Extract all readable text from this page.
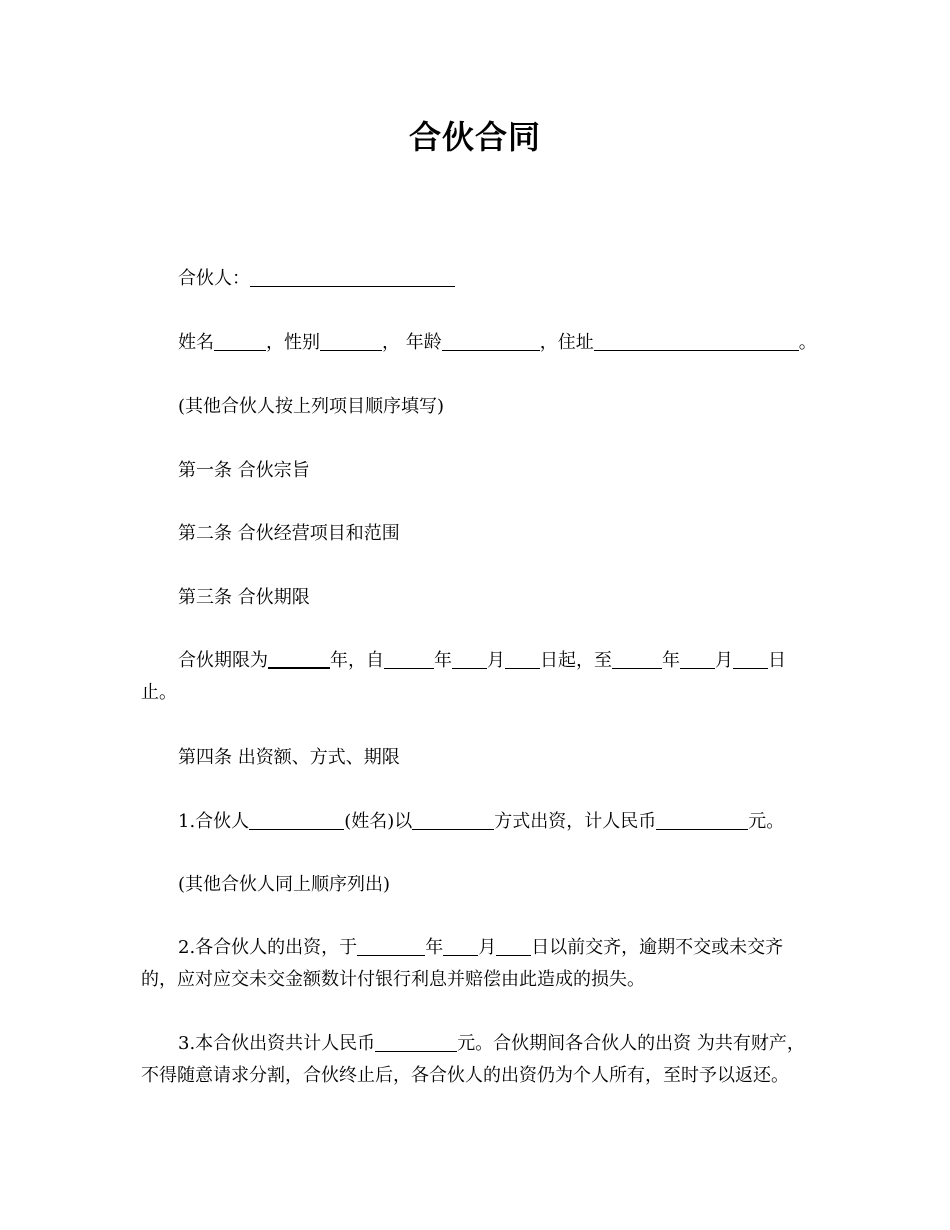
合伙合同
合伙人：
姓名	，性别	， 年龄	，住址	。
(其他合伙人按上列项目顺序填写)
第一条 合伙宗旨
第二条 合伙经营项目和范围
第三条 合伙期限
合伙期限为	年，自	年 月 日起，至	年 月 日止。
第四条 出资额、方式、期限
1.合伙人	(姓名)以	方式出资，计人民币	元。
(其他合伙人同上顺序列出)
2.各合伙人的出资，于	年 月 日以前交齐，逾期不交或未交齐的，应对应交未交金额数计付银行利息并赔偿由此造成的损失。
3.本合伙出资共计人民币	元。合伙期间各合伙人的出资 为共有财产，不得随意请求分割，合伙终止后，各合伙人的出资仍为个人所有，至时予以返还。
